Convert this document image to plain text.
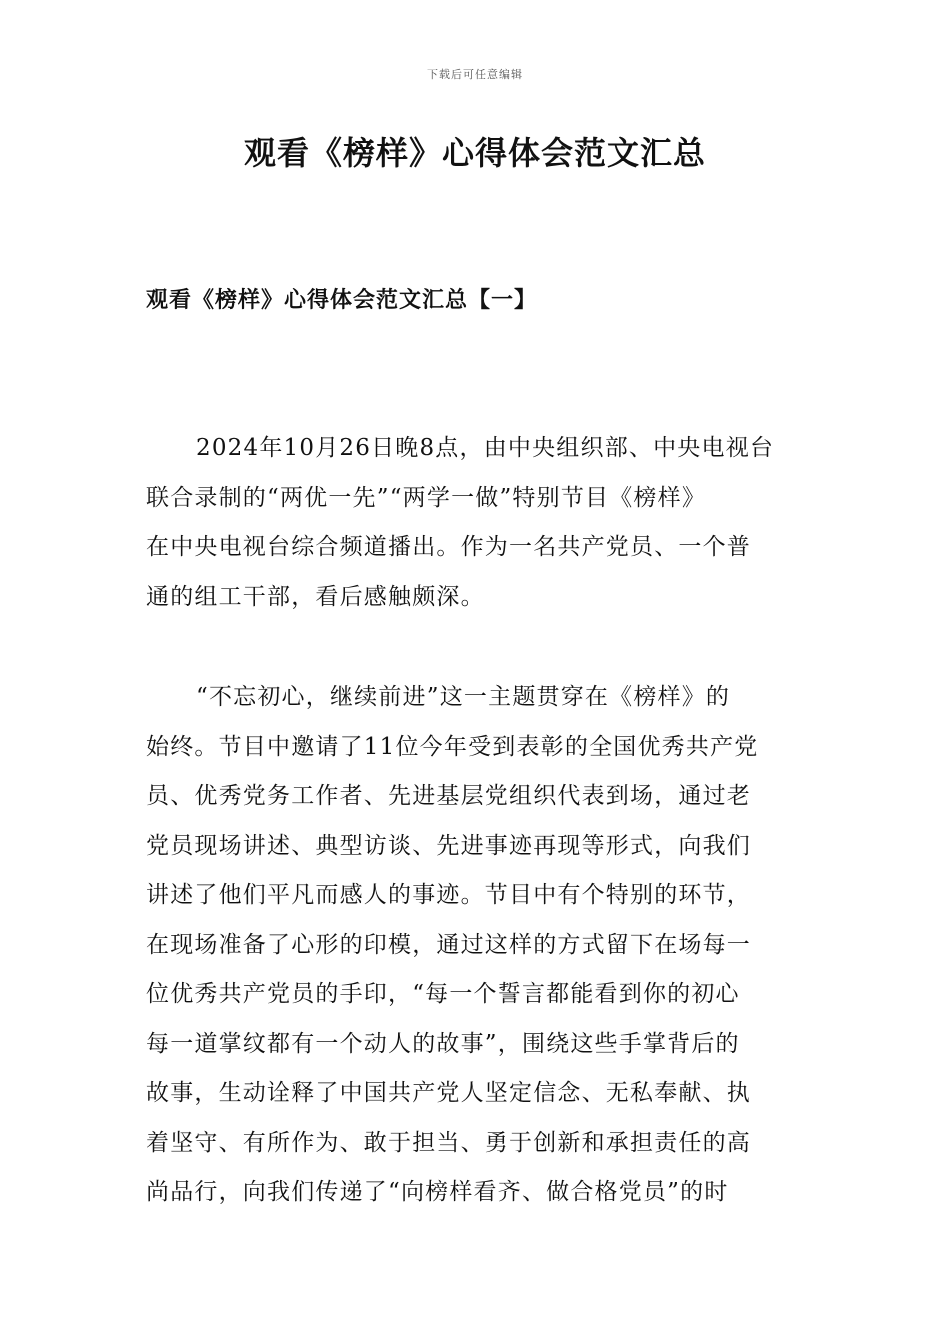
下载后可任意编辑
观看《榜样》心得体会范文汇总
观看《榜样》心得体会范文汇总【一】
2024年10月26日晚8点，由中央组织部、中央电视台
联合录制的“两优一先”“两学一做”特别节目《榜样》
在中央电视台综合频道播出。作为一名共产党员、一个普
通的组工干部，看后感触颇深。
“不忘初心，继续前进”这一主题贯穿在《榜样》的
始终。节目中邀请了11位今年受到表彰的全国优秀共产党
员、优秀党务工作者、先进基层党组织代表到场，通过老
党员现场讲述、典型访谈、先进事迹再现等形式，向我们
讲述了他们平凡而感人的事迹。节目中有个特别的环节，
在现场准备了心形的印模，通过这样的方式留下在场每一
位优秀共产党员的手印，“每一个誓言都能看到你的初心
每一道掌纹都有一个动人的故事”，围绕这些手掌背后的
故事，生动诠释了中国共产党人坚定信念、无私奉献、执
着坚守、有所作为、敢于担当、勇于创新和承担责任的高
尚品行，向我们传递了“向榜样看齐、做合格党员”的时
